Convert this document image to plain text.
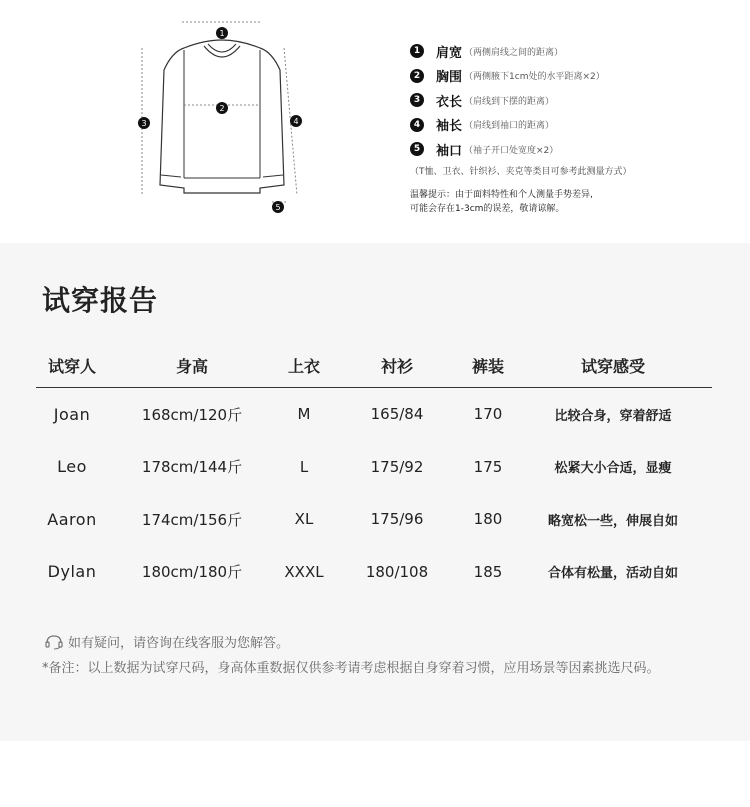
1
2
3	4
5
1 肩宽 （两侧肩线之间的距离）
2 胸围 （两侧腋下1cm处的水平距离×2）
3 衣长 （肩线到下摆的距离）
4 袖长 （肩线到袖口的距离）
5 袖口 （袖子开口处宽度×2）
（T恤、卫衣、针织衫、夹克等类目可参考此测量方式）
温馨提示：由于面料特性和个人测量手势差异,
可能会存在1-3cm的误差，敬请谅解。
试穿报告
试穿人	身高	上衣	衬衫	裤装	试穿感受
Joan	168cm/120斤	M	165/84	170	比较合身，穿着舒适
Leo	178cm/144斤	L	175/92	175	松紧大小合适，显瘦
Aaron	174cm/156斤	XL	175/96	180	略宽松一些，伸展自如
Dylan	180cm/180斤	XXXL	180/108	185	合体有松量，活动自如
如有疑问，请咨询在线客服为您解答。
*备注：以上数据为试穿尺码，身高体重数据仅供参考请考虑根据自身穿着习惯，应用场景等因素挑选尺码。
